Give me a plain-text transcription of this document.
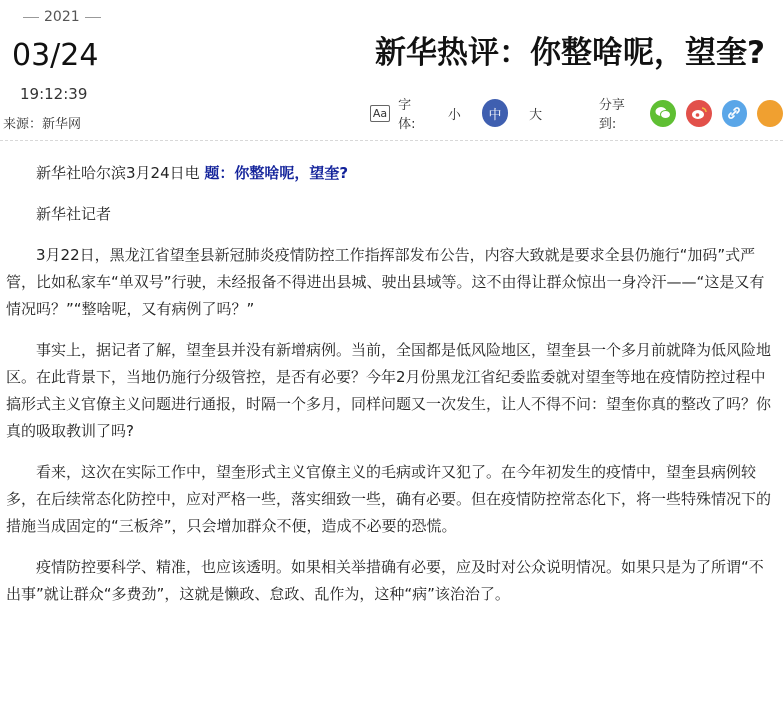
2021
03/24
19:12:39
来源：新华网
新华热评：你整啥呢，望奎?
Aa 字体:
小	中	大
分享到:

新华社哈尔滨3月24日电 题：你整啥呢，望奎?

新华社记者

3月22日，黑龙江省望奎县新冠肺炎疫情防控工作指挥部发布公告，内容大致就是要求全县仍施行“加码”式严管，比如私家车“单双号”行驶，未经报备不得进出县城、驶出县域等。这不由得让群众惊出一身冷汗——“这是又有情况吗？”“整啥呢，又有病例了吗？”

事实上，据记者了解，望奎县并没有新增病例。当前，全国都是低风险地区，望奎县一个多月前就降为低风险地区。在此背景下，当地仍施行分级管控，是否有必要？今年2月份黑龙江省纪委监委就对望奎等地在疫情防控过程中搞形式主义官僚主义问题进行通报，时隔一个多月，同样问题又一次发生，让人不得不问：望奎你真的整改了吗？你真的吸取教训了吗?

看来，这次在实际工作中，望奎形式主义官僚主义的毛病或许又犯了。在今年初发生的疫情中，望奎县病例较多，在后续常态化防控中，应对严格一些，落实细致一些，确有必要。但在疫情防控常态化下，将一些特殊情况下的措施当成固定的“三板斧”，只会增加群众不便，造成不必要的恐慌。

疫情防控要科学、精准，也应该透明。如果相关举措确有必要，应及时对公众说明情况。如果只是为了所谓“不出事”就让群众“多费劲”，这就是懒政、怠政、乱作为，这种“病”该治治了。
